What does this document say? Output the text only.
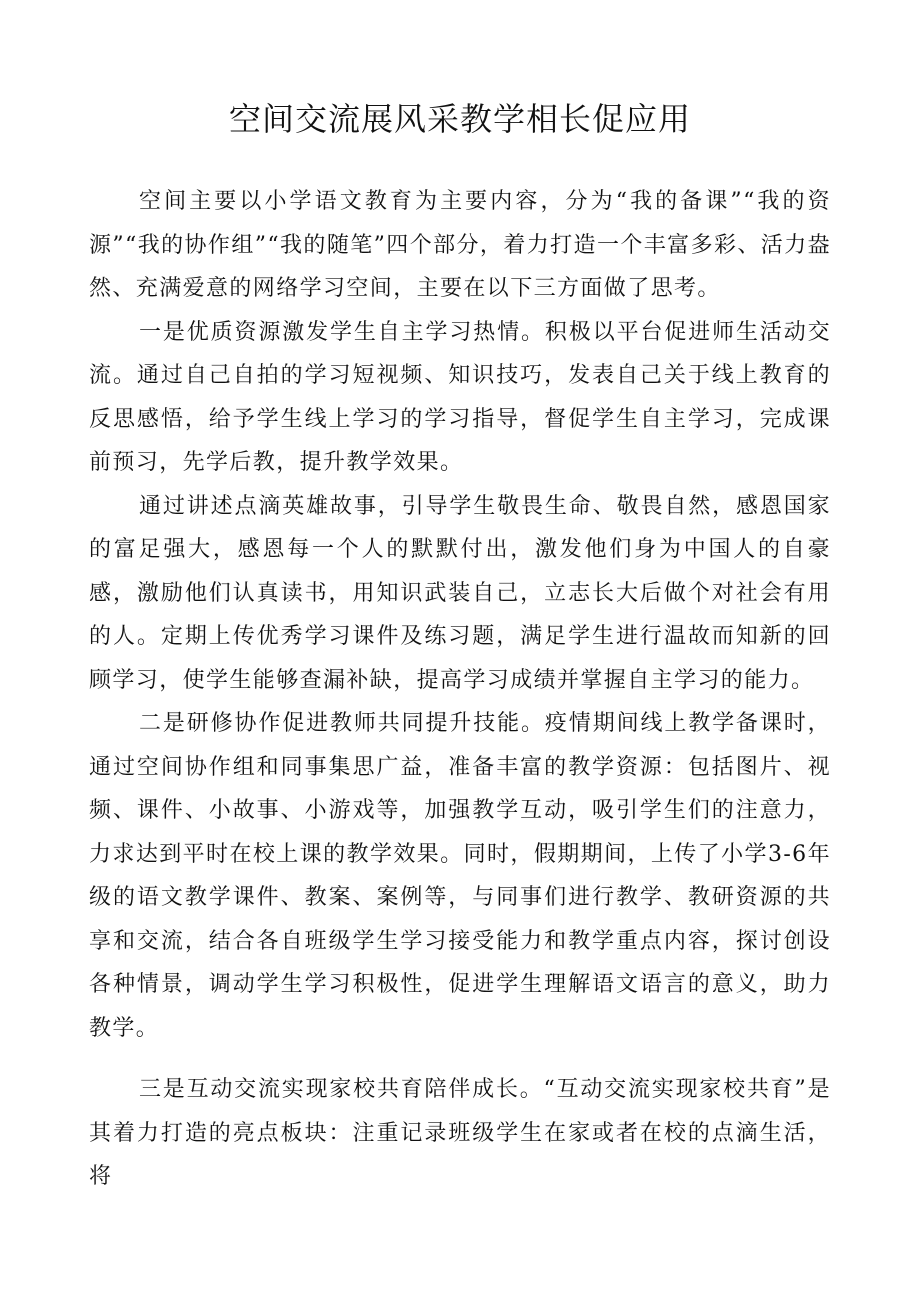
空间交流展风采教学相长促应用

空间主要以小学语文教育为主要内容，分为“我的备课”“我的资源”“我的协作组”“我的随笔”四个部分，着力打造一个丰富多彩、活力盎然、充满爱意的网络学习空间，主要在以下三方面做了思考。

一是优质资源激发学生自主学习热情。积极以平台促进师生活动交流。通过自己自拍的学习短视频、知识技巧，发表自己关于线上教育的反思感悟，给予学生线上学习的学习指导，督促学生自主学习，完成课前预习，先学后教，提升教学效果。

通过讲述点滴英雄故事，引导学生敬畏生命、敬畏自然，感恩国家的富足强大，感恩每一个人的默默付出，激发他们身为中国人的自豪感，激励他们认真读书，用知识武装自己，立志长大后做个对社会有用的人。定期上传优秀学习课件及练习题，满足学生进行温故而知新的回顾学习，使学生能够查漏补缺，提高学习成绩并掌握自主学习的能力。

二是研修协作促进教师共同提升技能。疫情期间线上教学备课时，通过空间协作组和同事集思广益，准备丰富的教学资源：包括图片、视频、课件、小故事、小游戏等，加强教学互动，吸引学生们的注意力，力求达到平时在校上课的教学效果。同时，假期期间，上传了小学3-6年级的语文教学课件、教案、案例等，与同事们进行教学、教研资源的共享和交流，结合各自班级学生学习接受能力和教学重点内容，探讨创设各种情景，调动学生学习积极性，促进学生理解语文语言的意义，助力教学。

三是互动交流实现家校共育陪伴成长。“互动交流实现家校共育”是其着力打造的亮点板块：注重记录班级学生在家或者在校的点滴生活，将
